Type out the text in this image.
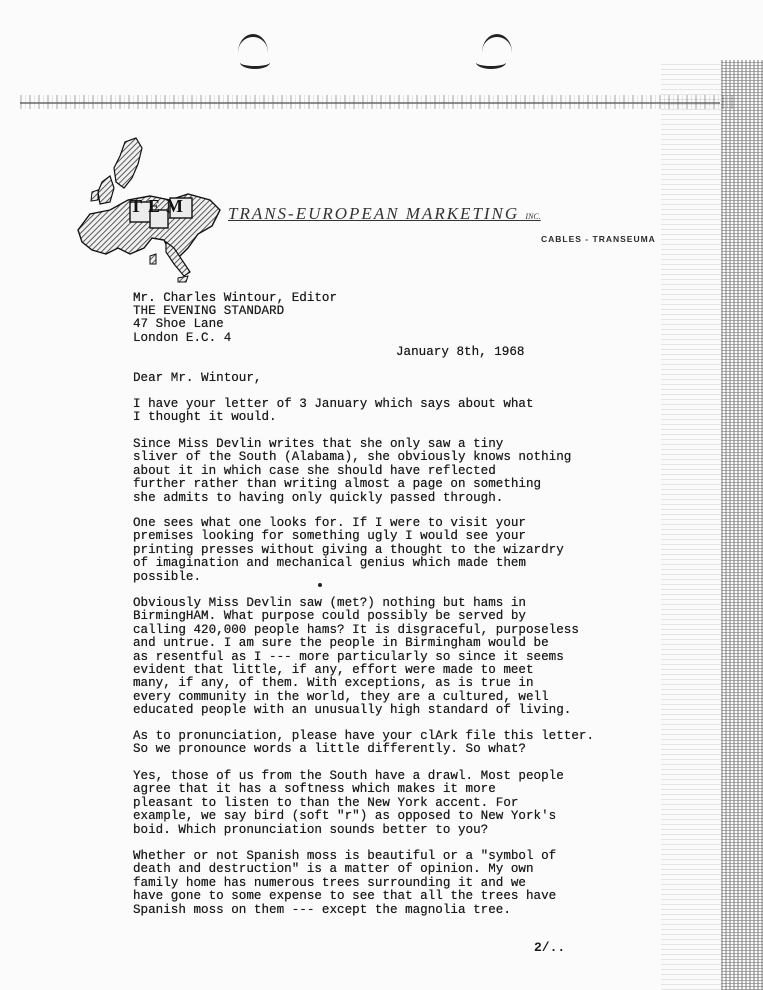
TEM	TRANS-EUROPEAN MARKETING INC.
CABLES - TRANSEUMA
Mr. Charles Wintour, Editor
THE EVENING STANDARD
47 Shoe Lane
London E.C. 4
January 8th, 1968
Dear Mr. Wintour,
I have your letter of 3 January which says about what
I thought it would.
Since Miss Devlin writes that she only saw a tiny
sliver of the South (Alabama), she obviously knows nothing
about it in which case she should have reflected
further rather than writing almost a page on something
she admits to having only quickly passed through.
One sees what one looks for. If I were to visit your
premises looking for something ugly I would see your
printing presses without giving a thought to the wizardry
of imagination and mechanical genius which made them
possible.
Obviously Miss Devlin saw (met?) nothing but hams in
BirmingHAM. What purpose could possibly be served by
calling 420,000 people hams? It is disgraceful, purposeless
and untrue. I am sure the people in Birmingham would be
as resentful as I --- more particularly so since it seems
evident that little, if any, effort were made to meet
many, if any, of them. With exceptions, as is true in
every community in the world, they are a cultured, well
educated people with an unusually high standard of living.
As to pronunciation, please have your clArk file this letter.
So we pronounce words a little differently. So what?
Yes, those of us from the South have a drawl. Most people
agree that it has a softness which makes it more
pleasant to listen to than the New York accent. For
example, we say bird (soft "r") as opposed to New York's
boid. Which pronunciation sounds better to you?
Whether or not Spanish moss is beautiful or a "symbol of
death and destruction" is a matter of opinion. My own
family home has numerous trees surrounding it and we
have gone to some expense to see that all the trees have
Spanish moss on them --- except the magnolia tree.
2/..
